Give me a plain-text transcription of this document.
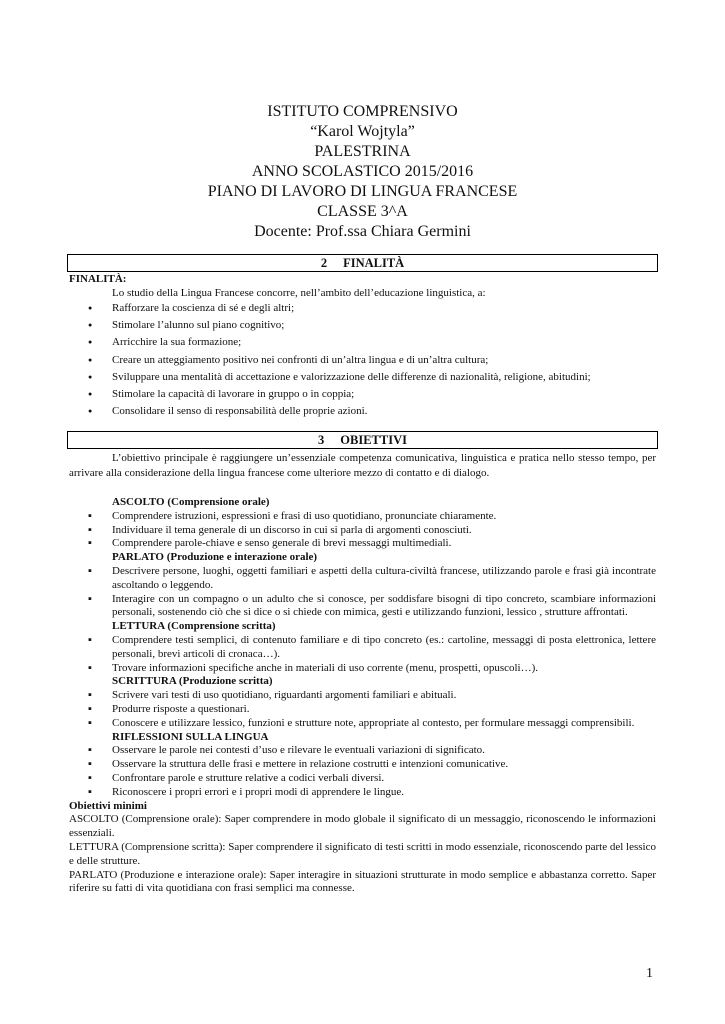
ISTITUTO COMPRENSIVO
“Karol Wojtyla”
PALESTRINA
ANNO SCOLASTICO 2015/2016
PIANO DI LAVORO DI LINGUA FRANCESE
CLASSE 3^A
Docente: Prof.ssa Chiara Germini
2 FINALITÀ
FINALITÀ:
Lo studio della Lingua Francese concorre, nell’ambito dell’educazione linguistica, a:
● Rafforzare la coscienza di sé e degli altri;
● Stimolare l’alunno sul piano cognitivo;
● Arricchire la sua formazione;
● Creare un atteggiamento positivo nei confronti di un’altra lingua e di un’altra cultura;
● Sviluppare una mentalità di accettazione e valorizzazione delle differenze di nazionalità, religione, abitudini;
● Stimolare la capacità di lavorare in gruppo o in coppia;
● Consolidare il senso di responsabilità delle proprie azioni.
3 OBIETTIVI
L’obiettivo principale è raggiungere un’essenziale competenza comunicativa, linguistica e pratica nello stesso tempo, per arrivare alla considerazione della lingua francese come ulteriore mezzo di contatto e di dialogo.
ASCOLTO (Comprensione orale)
▪ Comprendere istruzioni, espressioni e frasi di uso quotidiano, pronunciate chiaramente.
▪ Individuare il tema generale di un discorso in cui si parla di argomenti conosciuti.
▪ Comprendere parole-chiave e senso generale di brevi messaggi multimediali.
PARLATO (Produzione e interazione orale)
▪ Descrivere persone, luoghi, oggetti familiari e aspetti della cultura-civiltà francese, utilizzando parole e frasi già incontrate ascoltando o leggendo.
▪ Interagire con un compagno o un adulto che si conosce, per soddisfare bisogni di tipo concreto, scambiare informazioni personali, sostenendo ciò che si dice o si chiede con mimica, gesti e utilizzando funzioni, lessico , strutture affrontati.
LETTURA (Comprensione scritta)
▪ Comprendere testi semplici, di contenuto familiare e di tipo concreto (es.: cartoline, messaggi di posta elettronica, lettere personali, brevi articoli di cronaca…).
▪ Trovare informazioni specifiche anche in materiali di uso corrente (menu, prospetti, opuscoli…).
SCRITTURA (Produzione scritta)
▪ Scrivere vari testi di uso quotidiano, riguardanti argomenti familiari e abituali.
▪ Produrre risposte a questionari.
▪ Conoscere e utilizzare lessico, funzioni e strutture note, appropriate al contesto, per formulare messaggi comprensibili.
RIFLESSIONI SULLA LINGUA
▪ Osservare le parole nei contesti d’uso e rilevare le eventuali variazioni di significato.
▪ Osservare la struttura delle frasi e mettere in relazione costrutti e intenzioni comunicative.
▪ Confrontare parole e strutture relative a codici verbali diversi.
▪ Riconoscere i propri errori e i propri modi di apprendere le lingue.
Obiettivi minimi
ASCOLTO (Comprensione orale): Saper comprendere in modo globale il significato di un messaggio, riconoscendo le informazioni essenziali.
LETTURA (Comprensione scritta): Saper comprendere il significato di testi scritti in modo essenziale, riconoscendo parte del lessico e delle strutture.
PARLATO (Produzione e interazione orale): Saper interagire in situazioni strutturate in modo semplice e abbastanza corretto. Saper riferire su fatti di vita quotidiana con frasi semplici ma connesse.
1
